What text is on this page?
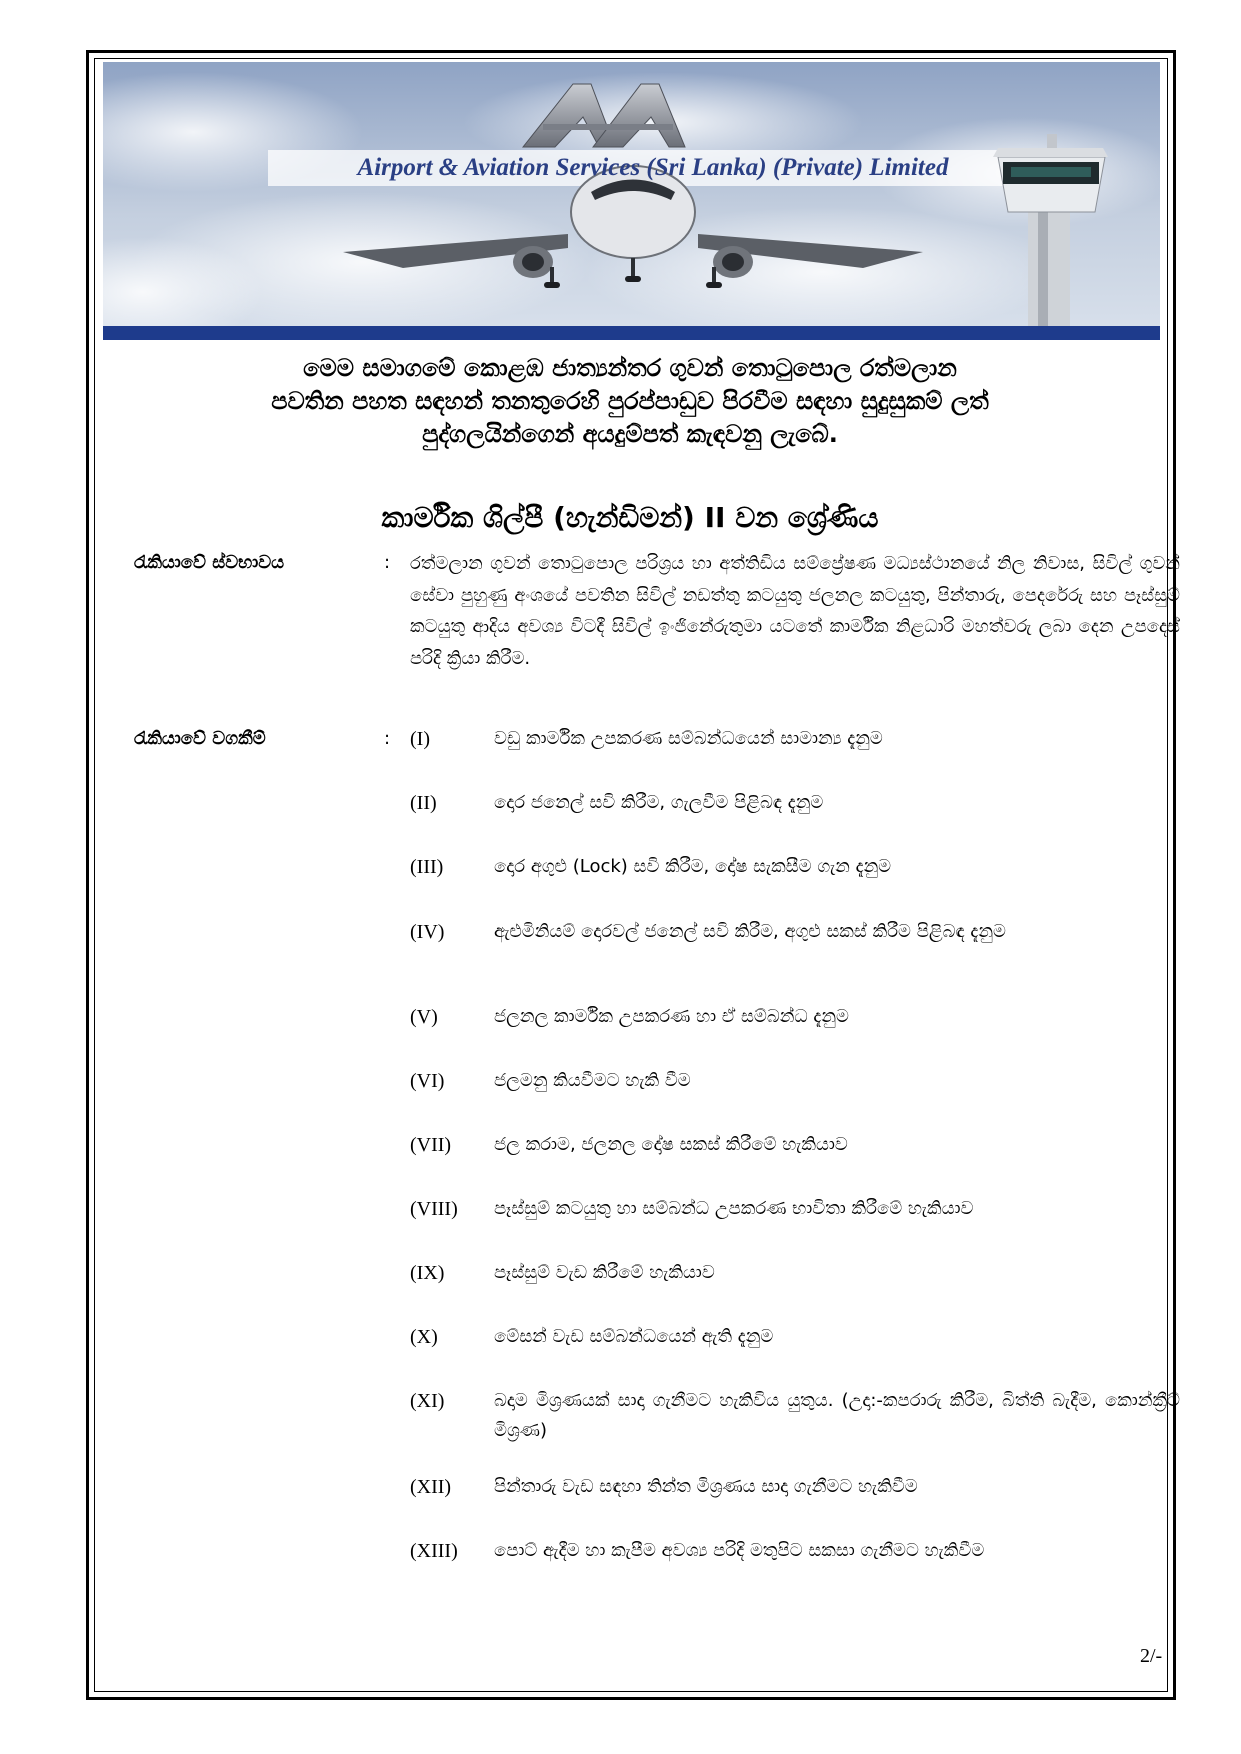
Airport & Aviation Services (Sri Lanka) (Private) Limited
මෙම සමාගමේ කොළඹ ජාත්‍යන්තර ගුවන් තොටුපොල රත්මලාන
පවතින පහත සඳහන් තනතුරෙහි පුරප්පාඩුව පිරවීම සඳහා සුදුසුකම් ලත්
පුද්ගලයින්ගෙන් අයදුම්පත් කැඳවනු ලැබේ.
කාර්මික ශිල්පී (හැන්ඩිමන්) II වන ශ්‍රේණිය
රැකියාවේ ස්වභාවය	: රත්මලාන ගුවන් තොටුපොල පරිශ්‍රය හා අත්තිඩිය සම්ප්‍රේෂණ මධ්‍යස්ථානයේ නිල නිවාස, සිවිල් ගුවන් සේවා පුහුණු අංශයේ පවතින සිවිල් නඩත්තු කටයුතු ජලනල කටයුතු, පින්තාරු, පෙදරේරු සහ පෑස්සුම් කටයුතු ආදිය අවශ්‍ය විටදී සිවිල් ඉංජිනේරුතුමා යටතේ කාර්මික නිළධාරි මහත්වරු ලබා දෙන උපදෙස් පරිදි ක්‍රියා කිරීම.

රැකියාවේ වගකීම්	: (I)	වඩු කාර්මික උපකරණ සම්බන්ධයෙන් සාමාන්‍ය දැනුම
(II)	දොර ජනෙල් සවි කිරීම, ගැලවීම පිළිබඳ දැනුම
(III)	දොර අගුළු (Lock) සවි කිරීම, දෝෂ සැකසීම ගැන දැනුම
(IV)	ඇළුමිනියම් දොරවල් ජනෙල් සවි කිරීම, අගුළු සකස් කිරීම පිළිබඳ දැනුම
(V)	ජලනල කාර්මික උපකරණ හා ඒ සම්බන්ධ දැනුම
(VI)	ජලමනු කියවීමට හැකි වීම
(VII) ජල කරාම, ජලනල දෝෂ සකස් කිරීමේ හැකියාව
(VIII) පෑස්සුම් කටයුතු හා සම්බන්ධ උපකරණ භාවිතා කිරීමේ හැකියාව
(IX)	පෑස්සුම් වැඩ කිරීමේ හැකියාව
(X)	මේසන් වැඩ සම්බන්ධයෙන් ඇති දැනුම
(XI)	බදාම මිශ්‍රණයක් සාදා ගැනීමට හැකිවිය යුතුය. (උදා:-කපරාරු කිරීම, බිත්ති බැදීම, කොන්ක්‍රීට් මිශ්‍රණ)
(XII) පින්තාරු වැඩ සඳහා තින්ත මිශ්‍රණය සාදා ගැනීමට හැකිවීම
(XIII) පොට් ඇදීම හා කැපීම අවශ්‍ය පරිදි මතුපිට සකසා ගැනීමට හැකිවීම
2/-
